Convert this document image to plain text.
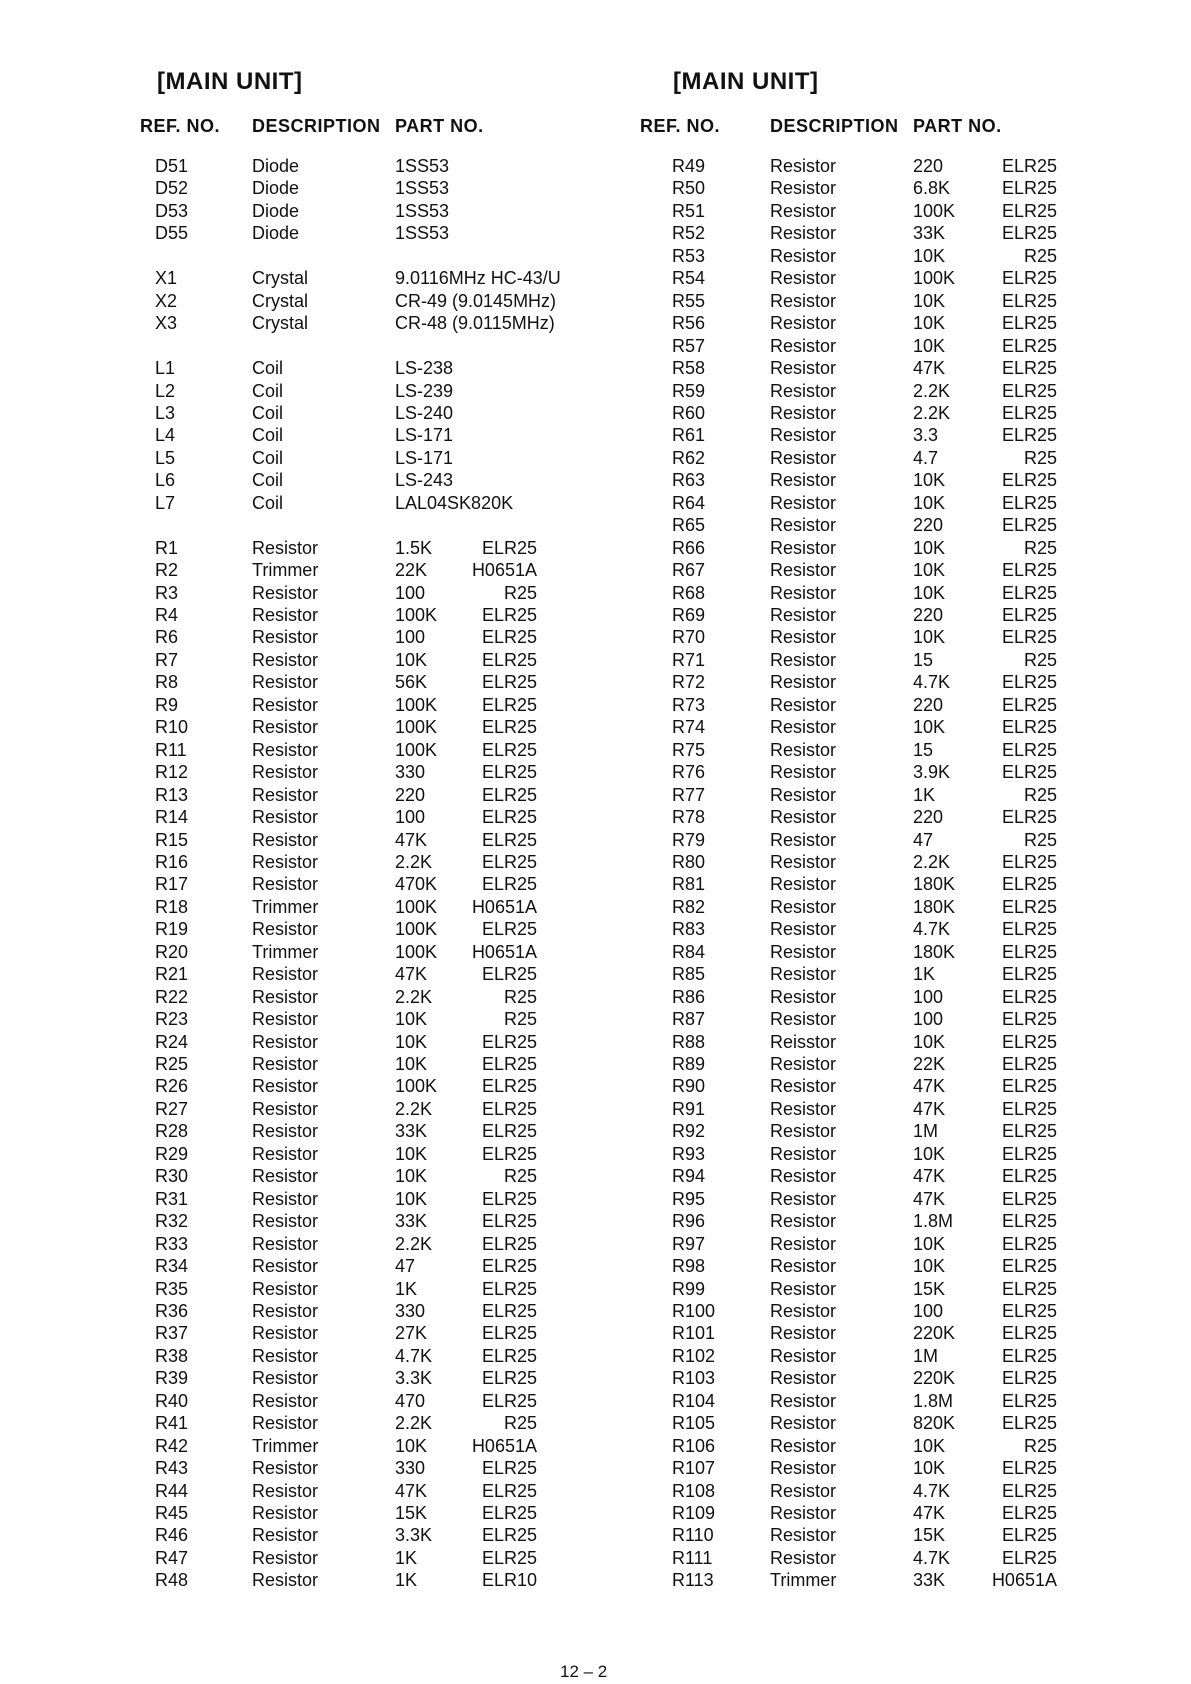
[MAIN UNIT]
REF. NO. DESCRIPTION PART NO.
D51	Diode	1SS53
D52	Diode	1SS53
D53	Diode	1SS53
D55	Diode	1SS53
X1	Crystal	9.0116MHz HC-43/U
X2	Crystal	CR-49 (9.0145MHz)
X3	Crystal	CR-48 (9.0115MHz)
L1	Coil	LS-238
L2	Coil	LS-239
L3	Coil	LS-240
L4	Coil	LS-171
L5	Coil	LS-171
L6	Coil	LS-243
L7	Coil	LAL04SK820K
R1	Resistor	1.5K	ELR25
R2	Trimmer	22K H0651A
R3	Resistor	100	R25
R4	Resistor	100K	ELR25
R6	Resistor	100	ELR25
R7	Resistor	10K	ELR25
R8	Resistor	56K	ELR25
R9	Resistor	100K	ELR25
R10	Resistor	100K	ELR25
R11	Resistor	100K	ELR25
R12	Resistor	330	ELR25
R13	Resistor	220	ELR25
R14	Resistor	100	ELR25
R15	Resistor	47K	ELR25
R16	Resistor	2.2K	ELR25
R17	Resistor	470K	ELR25
R18	Trimmer	100K H0651A
R19	Resistor	100K	ELR25
R20	Trimmer	100K H0651A
R21	Resistor	47K	ELR25
R22	Resistor	2.2K	R25
R23	Resistor	10K	R25
R24	Resistor	10K	ELR25
R25	Resistor	10K	ELR25
R26	Resistor	100K	ELR25
R27	Resistor	2.2K	ELR25
R28	Resistor	33K	ELR25
R29	Resistor	10K	ELR25
R30	Resistor	10K	R25
R31	Resistor	10K	ELR25
R32	Resistor	33K	ELR25
R33	Resistor	2.2K	ELR25
R34	Resistor	47	ELR25
R35	Resistor	1K	ELR25
R36	Resistor	330	ELR25
R37	Resistor	27K	ELR25
R38	Resistor	4.7K	ELR25
R39	Resistor	3.3K	ELR25
R40	Resistor	470	ELR25
R41	Resistor	2.2K	R25
R42	Trimmer	10K H0651A
R43	Resistor	330	ELR25
R44	Resistor	47K	ELR25
R45	Resistor	15K	ELR25
R46	Resistor	3.3K	ELR25
R47	Resistor	1K	ELR25
R48	Resistor	1K	ELR10
[MAIN UNIT]
REF. NO.	DESCRIPTION PART NO.
R49	Resistor	220	ELR25
R50	Resistor	6.8K	ELR25
R51	Resistor	100K	ELR25
R52	Resistor	33K	ELR25
R53	Resistor	10K	R25
R54	Resistor	100K	ELR25
R55	Resistor	10K	ELR25
R56	Resistor	10K	ELR25
R57	Resistor	10K	ELR25
R58	Resistor	47K	ELR25
R59	Resistor	2.2K	ELR25
R60	Resistor	2.2K	ELR25
R61	Resistor	3.3	ELR25
R62	Resistor	4.7	R25
R63	Resistor	10K	ELR25
R64	Resistor	10K	ELR25
R65	Resistor	220	ELR25
R66	Resistor	10K	R25
R67	Resistor	10K	ELR25
R68	Resistor	10K	ELR25
R69	Resistor	220	ELR25
R70	Resistor	10K	ELR25
R71	Resistor	15	R25
R72	Resistor	4.7K	ELR25
R73	Resistor	220	ELR25
R74	Resistor	10K	ELR25
R75	Resistor	15	ELR25
R76	Resistor	3.9K	ELR25
R77	Resistor	1K	R25
R78	Resistor	220	ELR25
R79	Resistor	47	R25
R80	Resistor	2.2K	ELR25
R81	Resistor	180K	ELR25
R82	Resistor	180K	ELR25
R83	Resistor	4.7K	ELR25
R84	Resistor	180K	ELR25
R85	Resistor	1K	ELR25
R86	Resistor	100	ELR25
R87	Resistor	100	ELR25
R88	Reisstor	10K	ELR25
R89	Resistor	22K	ELR25
R90	Resistor	47K	ELR25
R91	Resistor	47K	ELR25
R92	Resistor	1M	ELR25
R93	Resistor	10K	ELR25
R94	Resistor	47K	ELR25
R95	Resistor	47K	ELR25
R96	Resistor	1.8M	ELR25
R97	Resistor	10K	ELR25
R98	Resistor	10K	ELR25
R99	Resistor	15K	ELR25
R100	Resistor	100	ELR25
R101	Resistor	220K	ELR25
R102	Resistor	1M	ELR25
R103	Resistor	220K	ELR25
R104	Resistor	1.8M	ELR25
R105	Resistor	820K	ELR25
R106	Resistor	10K	R25
R107	Resistor	10K	ELR25
R108	Resistor	4.7K	ELR25
R109	Resistor	47K	ELR25
R110	Resistor	15K	ELR25
R111	Resistor	4.7K	ELR25
R113	Trimmer	33K	H0651A
12 – 2
